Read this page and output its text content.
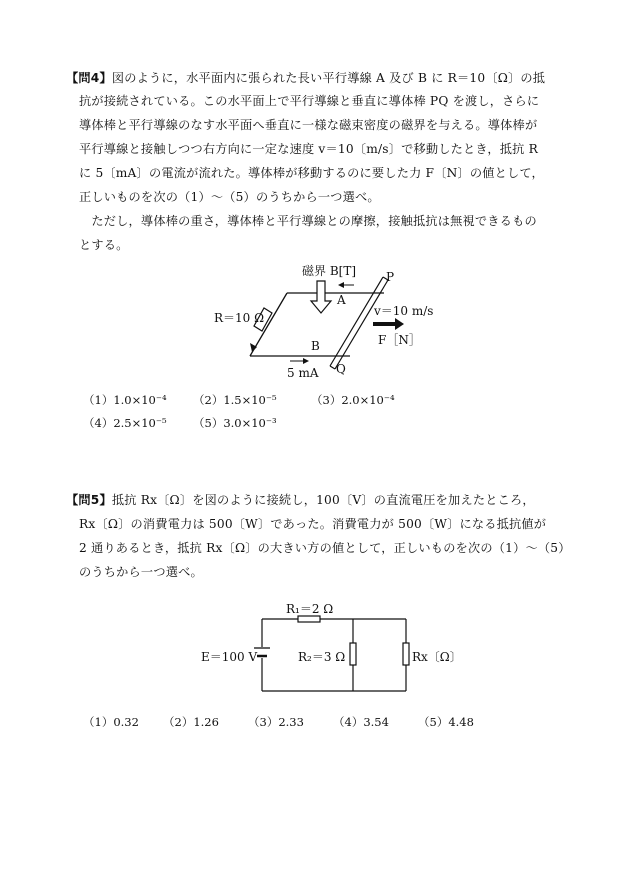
【問4】図のように，水平面内に張られた長い平行導線 A 及び B に R＝10〔Ω〕の抵
抗が接続されている。この水平面上で平行導線と垂直に導体棒 PQ を渡し，さらに
導体棒と平行導線のなす水平面へ垂直に一様な磁束密度の磁界を与える。導体棒が
平行導線と接触しつつ右方向に一定な速度 v＝10〔m/s〕で移動したとき，抵抗 R
に 5〔mA〕の電流が流れた。導体棒が移動するのに要した力 F〔N〕の値として，
正しいものを次の（1）～（5）のうちから一つ選べ。
　ただし，導体棒の重さ，導体棒と平行導線との摩擦，接触抵抗は無視できるもの
とする。
磁界 B[T] P
A
v＝10 m/s
R＝10 Ω
F［N］
B
5 mA Q
（1）1.0×10⁻⁴ （2）1.5×10⁻⁵	（3）2.0×10⁻⁴
（4）2.5×10⁻⁵ （5）3.0×10⁻³
【問5】抵抗 Rx〔Ω〕を図のように接続し，100〔V〕の直流電圧を加えたところ，
Rx〔Ω〕の消費電力は 500〔W〕であった。消費電力が 500〔W〕になる抵抗値が
2 通りあるとき，抵抗 Rx〔Ω〕の大きい方の値として，正しいものを次の（1）～（5）
のうちから一つ選べ。
R₁＝2 Ω
E＝100 V	R₂＝3 Ω	Rx〔Ω〕
（1）0.32 （2）1.26	（3）2.33	（4）3.54	（5）4.48
